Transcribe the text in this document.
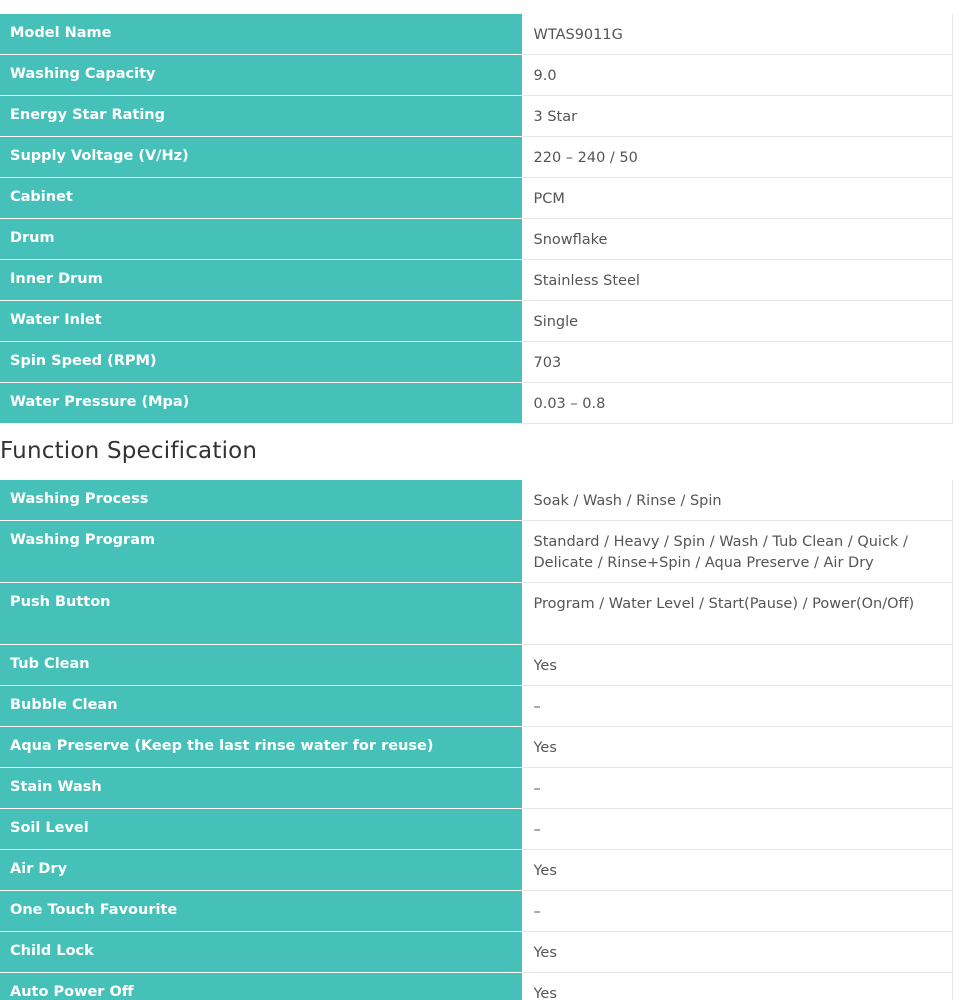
Model Name	WTAS9011G
Washing Capacity	9.0
Energy Star Rating	3 Star
Supply Voltage (V/Hz)	220 – 240 / 50
Cabinet	PCM
Drum	Snowflake
Inner Drum	Stainless Steel
Water Inlet	Single
Spin Speed (RPM)	703
Water Pressure (Mpa)	0.03 – 0.8
Function Specification
Washing Process	Soak / Wash / Rinse / Spin
Washing Program	Standard / Heavy / Spin / Wash / Tub Clean / Quick / Delicate / Rinse+Spin / Aqua Preserve / Air Dry
Push Button	Program / Water Level / Start(Pause) / Power(On/Off)
Tub Clean	Yes
Bubble Clean	–
Aqua Preserve (Keep the last rinse water for reuse)	Yes
Stain Wash	–
Soil Level	–
Air Dry	Yes
One Touch Favourite	–
Child Lock	Yes
Auto Power Off	Yes
